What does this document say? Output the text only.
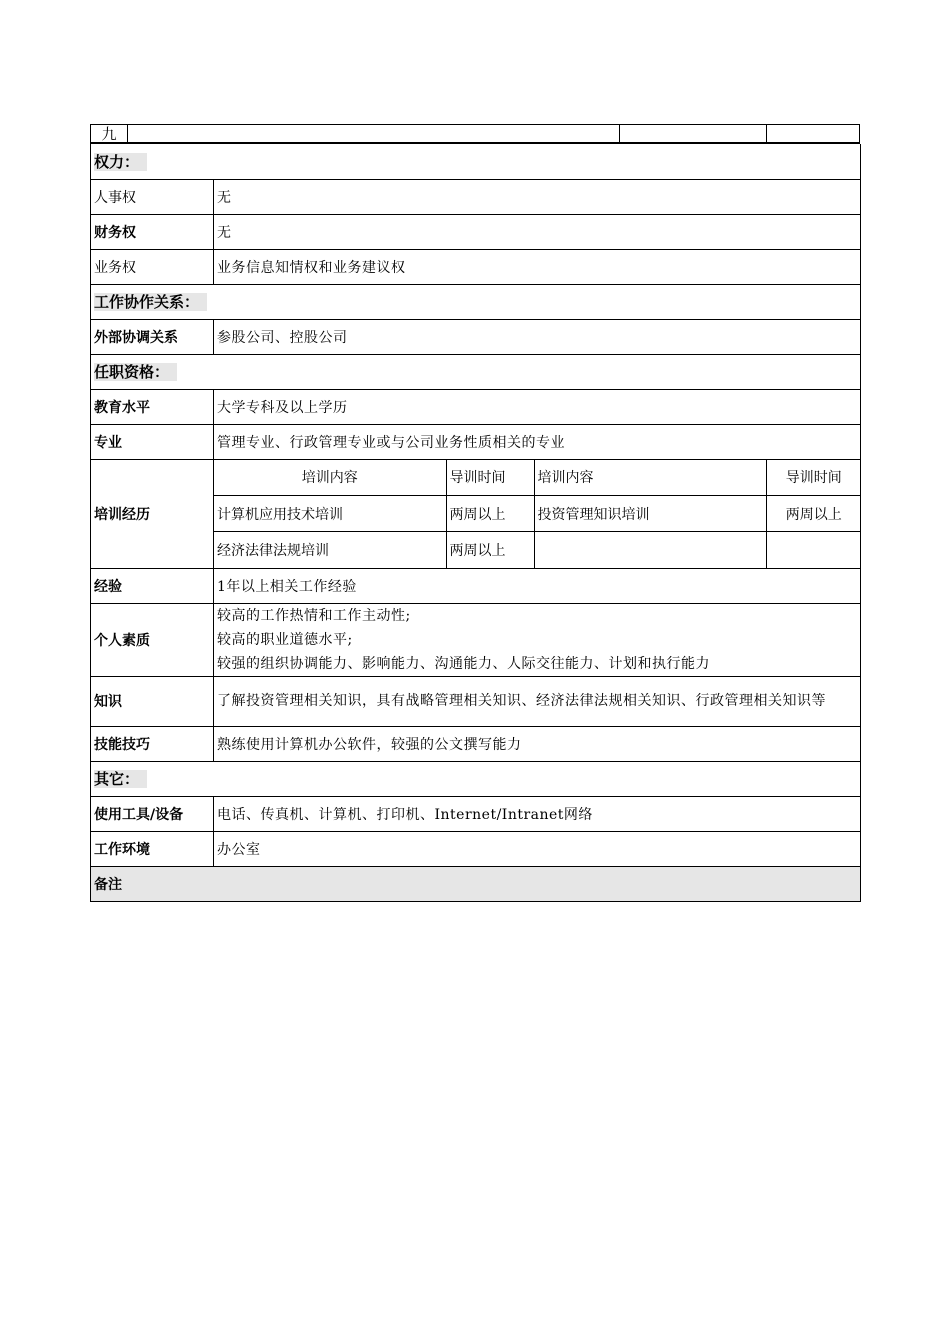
九
权力：
人事权	无
财务权	无
业务权	业务信息知情权和业务建议权
工作协作关系：
外部协调关系	参股公司、控股公司
任职资格：
教育水平	大学专科及以上学历
专业	管理专业、行政管理专业或与公司业务性质相关的专业
培训经历	
培训内容	导训时间	培训内容	导训时间
计算机应用技术培训	两周以上	投资管理知识培训	两周以上
经济法律法规培训	两周以上		

经验	1年以上相关工作经验
个人素质	
较高的工作热情和工作主动性;
较高的职业道德水平;
较强的组织协调能力、影响能力、沟通能力、人际交往能力、计划和执行能力

知识	了解投资管理相关知识，具有战略管理相关知识、经济法律法规相关知识、行政管理相关知识等
技能技巧	熟练使用计算机办公软件，较强的公文撰写能力
其它：
使用工具/设备	电话、传真机、计算机、打印机、Internet/Intranet网络
工作环境	办公室
备注
